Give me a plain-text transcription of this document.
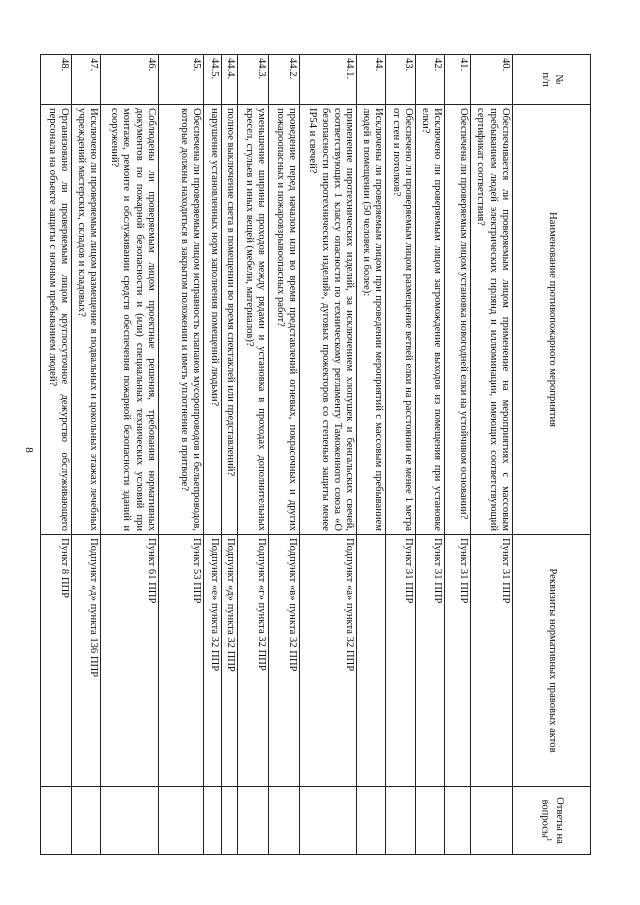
8
№
п/п	Наименование противопожарного мероприятия	Реквизиты нормативных правовых актов	Ответы на вопросы$^1$
40.	Обеспечивается ли проверяемым лицом применение на мероприятиях с массовым пребыванием людей электрических гирлянд и иллюминации, имеющих соответствующий сертификат соответствия?	Пункт 31 ППР	
41.	Обеспечена ли проверяемым лицом установка новогодней елки на устойчивом основании?	Пункт 31 ППР	
42.	Исключено ли проверяемым лицом загромождение выходов из помещения при установке елки?	Пункт 31 ППР	
43.	Обеспечено ли проверяемым лицом размещение ветвей елки на расстоянии не менее 1 метра от стен и потолков?	Пункт 31 ППР	
44.	Исключены ли проверяемым лицом при проведении мероприятий с массовым пребыванием людей в помещении (50 человек и более):		
44.1.	применение пиротехнических изделий, за исключением хлопушек и бенгальских свечей, соответствующих 1 классу опасности по техническому регламенту Таможенного союза «О безопасности пиротехнических изделий», дуговых прожекторов со степенью защиты менее IP54 и свечей?	Подпункт «а» пункта 32 ППР	
44.2.	проведение перед началом или во время представлений огневых, покрасочных и других пожароопасных и пожаровзрывоопасных работ?	Подпункт «в» пункта 32 ППР	
44.3.	уменьшение ширины проходов между рядами и установка в проходах дополнительных кресел, стульев и иных вещей (мебели, материалов)?	Подпункт «г» пункта 32 ППР	
44.4.	полное выключение света в помещении во время спектаклей или представлений?	Подпункт «д» пункта 32 ППР	
44.5.	нарушение установленных норм заполнения помещений людьми?	Подпункт «е» пункта 32 ППР	
45.	Обеспечена ли проверяемым лицом исправность клапанов мусоропроводов и бельепроводов, которые должны находиться в закрытом положении и иметь уплотнение в притворе?	Пункт 53 ППР	
46.	Соблюдены ли проверяемым лицом проектные решения, требования нормативных документов по пожарной безопасности и (или) специальных технических условий при монтаже, ремонте и обслуживании средств обеспечения пожарной безопасности зданий и сооружений?	Пункт 61 ППР	
47.	Исключено ли проверяемым лицом размещение в подвальных и цокольных этажах лечебных учреждений мастерских, складов и кладовых?	Подпункт «д» пункта 136 ППР	
48.	Организовано ли проверяемым лицом круглосуточное дежурство обслуживающего персонала на объекте защиты с ночным пребыванием людей?	Пункт 8 ППР	
